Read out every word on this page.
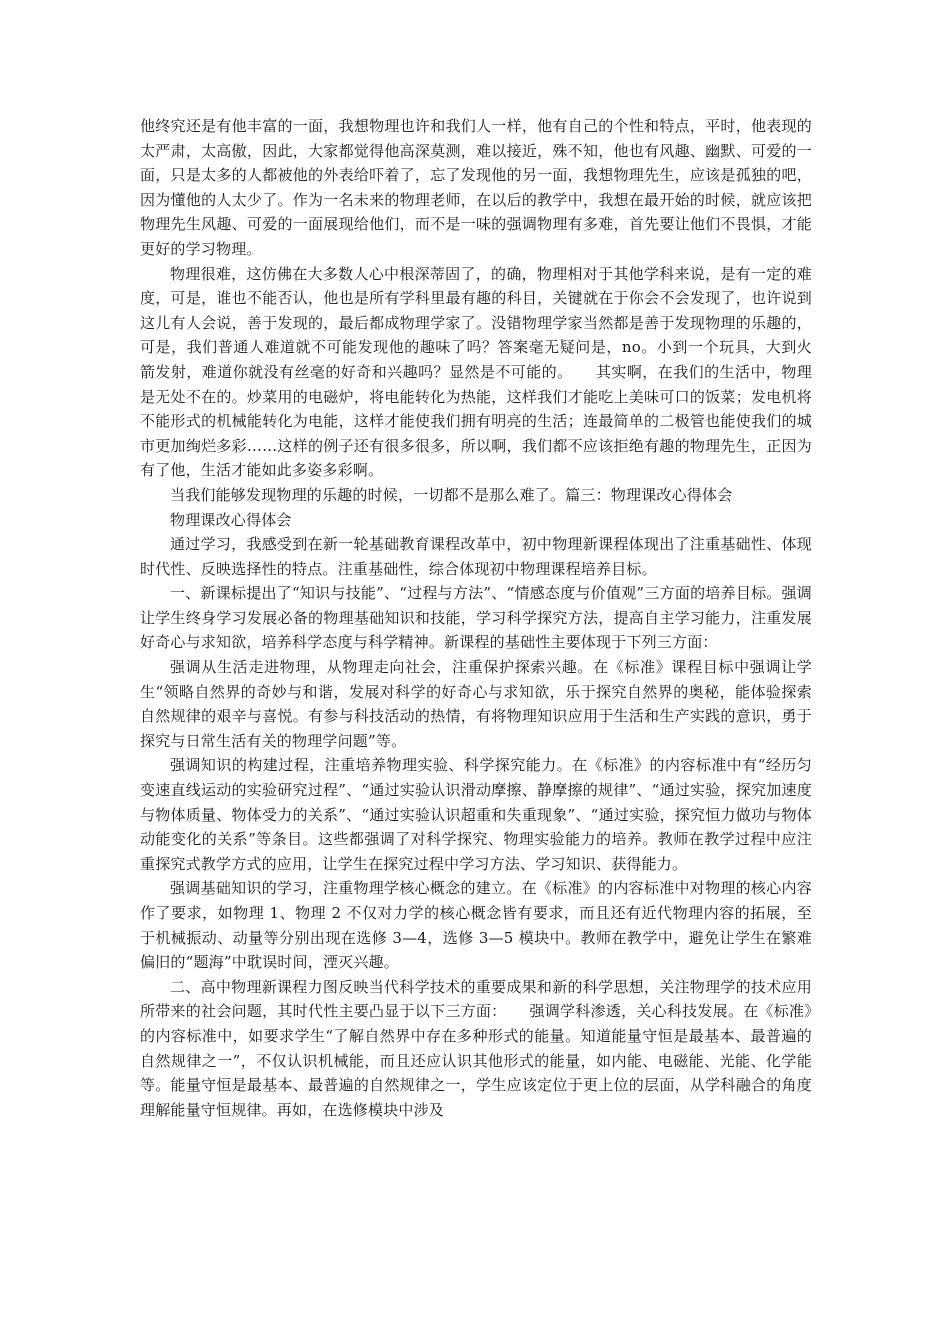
他终究还是有他丰富的一面，我想物理也许和我们人一样，他有自己的个性和特点，平时，他表现的太严肃，太高傲，因此，大家都觉得他高深莫测，难以接近，殊不知，他也有风趣、幽默、可爱的一面，只是太多的人都被他的外表给吓着了，忘了发现他的另一面，我想物理先生，应该是孤独的吧，因为懂他的人太少了。作为一名未来的物理老师，在以后的教学中，我想在最开始的时候，就应该把物理先生风趣、可爱的一面展现给他们，而不是一味的强调物理有多难，首先要让他们不畏惧，才能更好的学习物理。

物理很难，这仿佛在大多数人心中根深蒂固了，的确，物理相对于其他学科来说，是有一定的难度，可是，谁也不能否认，他也是所有学科里最有趣的科目，关键就在于你会不会发现了，也许说到这儿有人会说，善于发现的，最后都成物理学家了。没错物理学家当然都是善于发现物理的乐趣的，可是，我们普通人难道就不可能发现他的趣味了吗？答案毫无疑问是，no。小到一个玩具，大到火箭发射，难道你就没有丝毫的好奇和兴趣吗？显然是不可能的。　　其实啊，在我们的生活中，物理是无处不在的。炒菜用的电磁炉，将电能转化为热能，这样我们才能吃上美味可口的饭菜；发电机将不能形式的机械能转化为电能，这样才能使我们拥有明亮的生活；连最简单的二极管也能使我们的城市更加绚烂多彩……这样的例子还有很多很多，所以啊，我们都不应该拒绝有趣的物理先生，正因为有了他，生活才能如此多姿多彩啊。

当我们能够发现物理的乐趣的时候，一切都不是那么难了。篇三：物理课改心得体会

物理课改心得体会

通过学习，我感受到在新一轮基础教育课程改革中，初中物理新课程体现出了注重基础性、体现时代性、反映选择性的特点。注重基础性，综合体现初中物理课程培养目标。

一、新课标提出了“知识与技能”、“过程与方法”、“情感态度与价值观”三方面的培养目标。强调让学生终身学习发展必备的物理基础知识和技能，学习科学探究方法，提高自主学习能力，注重发展好奇心与求知欲，培养科学态度与科学精神。新课程的基础性主要体现于下列三方面：

强调从生活走进物理，从物理走向社会，注重保护探索兴趣。在《标准》课程目标中强调让学生“领略自然界的奇妙与和谐，发展对科学的好奇心与求知欲，乐于探究自然界的奥秘，能体验探索自然规律的艰辛与喜悦。有参与科技活动的热情，有将物理知识应用于生活和生产实践的意识，勇于探究与日常生活有关的物理学问题”等。

强调知识的构建过程，注重培养物理实验、科学探究能力。在《标准》的内容标准中有“经历匀变速直线运动的实验研究过程”、“通过实验认识滑动摩擦、静摩擦的规律”、“通过实验，探究加速度与物体质量、物体受力的关系”、“通过实验认识超重和失重现象”、“通过实验，探究恒力做功与物体动能变化的关系”等条目。这些都强调了对科学探究、物理实验能力的培养。教师在教学过程中应注重探究式教学方式的应用，让学生在探究过程中学习方法、学习知识、获得能力。

强调基础知识的学习，注重物理学核心概念的建立。在《标准》的内容标准中对物理的核心内容作了要求，如物理 1、物理 2 不仅对力学的核心概念皆有要求，而且还有近代物理内容的拓展，至于机械振动、动量等分别出现在选修 3—4，选修 3—5 模块中。教师在教学中，避免让学生在繁难偏旧的“题海”中耽误时间，湮灭兴趣。

二、高中物理新课程力图反映当代科学技术的重要成果和新的科学思想，关注物理学的技术应用所带来的社会问题，其时代性主要凸显于以下三方面：　　强调学科渗透，关心科技发展。在《标准》的内容标准中，如要求学生“了解自然界中存在多种形式的能量。知道能量守恒是最基本、最普遍的自然规律之一”，不仅认识机械能，而且还应认识其他形式的能量，如内能、电磁能、光能、化学能等。能量守恒是最基本、最普遍的自然规律之一，学生应该定位于更上位的层面，从学科融合的角度理解能量守恒规律。再如，在选修模块中涉及
